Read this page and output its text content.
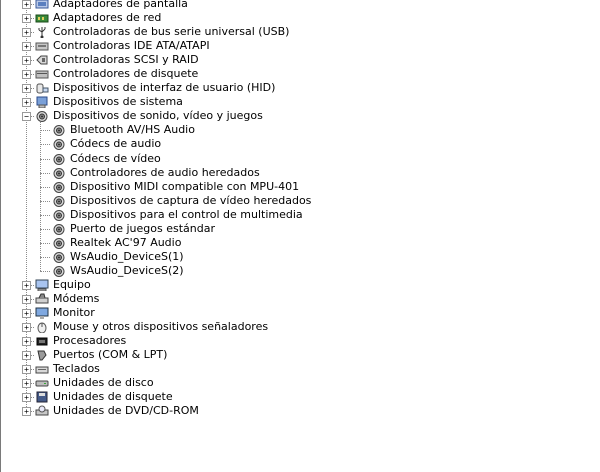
+ Adaptadores de pantalla
+ Adaptadores de red
+ Controladoras de bus serie universal (USB)
+ Controladoras IDE ATA/ATAPI
+ Controladoras SCSI y RAID
+ Controladores de disquete
+ Dispositivos de interfaz de usuario (HID)
+ Dispositivos de sistema
− Dispositivos de sonido, vídeo y juegos
Bluetooth AV/HS Audio
Códecs de audio
Códecs de vídeo
Controladores de audio heredados
Dispositivo MIDI compatible con MPU-401
Dispositivos de captura de vídeo heredados
Dispositivos para el control de multimedia
Puerto de juegos estándar
Realtek AC'97 Audio
WsAudio_DeviceS(1)
WsAudio_DeviceS(2)
+ Equipo
+ Módems
+ Monitor
+ Mouse y otros dispositivos señaladores
+ Procesadores
+ Puertos (COM & LPT)
+ Teclados
+ Unidades de disco
+ Unidades de disquete
+ Unidades de DVD/CD-ROM
